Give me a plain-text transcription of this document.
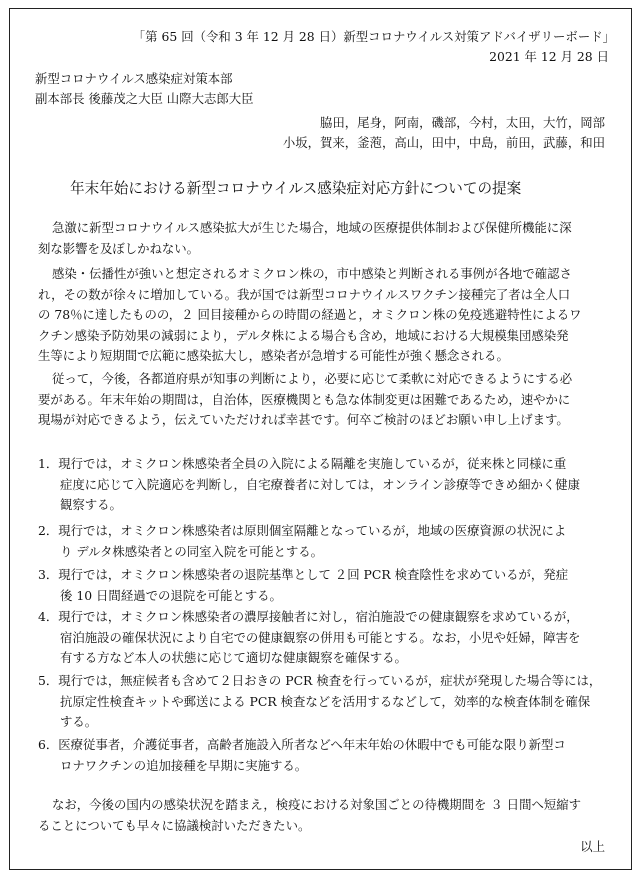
「第 65 回（令和 3 年 12 月 28 日）新型コロナウイルス対策アドバイザリーボード」
2021 年 12 月 28 日
新型コロナウイルス感染症対策本部
副本部長 後藤茂之大臣 山際大志郎大臣
脇田，尾身，阿南，磯部，今村，太田，大竹，岡部
小坂，賀来，釜萢，高山，田中，中島，前田，武藤，和田
年末年始における新型コロナウイルス感染症対応方針についての提案
急激に新型コロナウイルス感染拡大が生じた場合，地域の医療提供体制および保健所機能に深
刻な影響を及ぼしかねない。
感染・伝播性が強いと想定されるオミクロン株の，市中感染と判断される事例が各地で確認さ
れ，その数が徐々に増加している。我が国では新型コロナウイルスワクチン接種完了者は全人口
の 78％に達したものの，２ 回目接種からの時間の経過と，オミクロン株の免疫逃避特性によるワ
クチン感染予防効果の減弱により，デルタ株による場合も含め，地域における大規模集団感染発
生等により短期間で広範に感染拡大し，感染者が急増する可能性が強く懸念される。
従って，今後，各都道府県が知事の判断により，必要に応じて柔軟に対応できるようにする必
要がある。年末年始の期間は，自治体，医療機関とも急な体制変更は困難であるため，速やかに
現場が対応できるよう，伝えていただければ幸甚です。何卒ご検討のほどお願い申し上げます。
1．現行では，オミクロン株感染者全員の入院による隔離を実施しているが，従来株と同様に重
症度に応じて入院適応を判断し，自宅療養者に対しては，オンライン診療等できめ細かく健康
観察する。
2．現行では，オミクロン株感染者は原則個室隔離となっているが，地域の医療資源の状況によ
り デルタ株感染者との同室入院を可能とする。
3．現行では，オミクロン株感染者の退院基準として ２回 PCR 検査陰性を求めているが，発症
後 10 日間経過での退院を可能とする。
4．現行では，オミクロン株感染者の濃厚接触者に対し，宿泊施設での健康観察を求めているが，
宿泊施設の確保状況により自宅での健康観察の併用も可能とする。なお，小児や妊婦，障害を
有する方など本人の状態に応じて適切な健康観察を確保する。
5．現行では，無症候者も含めて２日おきの PCR 検査を行っているが，症状が発現した場合等には，
抗原定性検査キットや郵送による PCR 検査などを活用するなどして，効率的な検査体制を確保
する。
6．医療従事者，介護従事者，高齢者施設入所者などへ年末年始の休暇中でも可能な限り新型コ
ロナワクチンの追加接種を早期に実施する。
なお，今後の国内の感染状況を踏まえ，検疫における対象国ごとの待機期間を ３ 日間へ短縮す
ることについても早々に協議検討いただきたい。
以上
